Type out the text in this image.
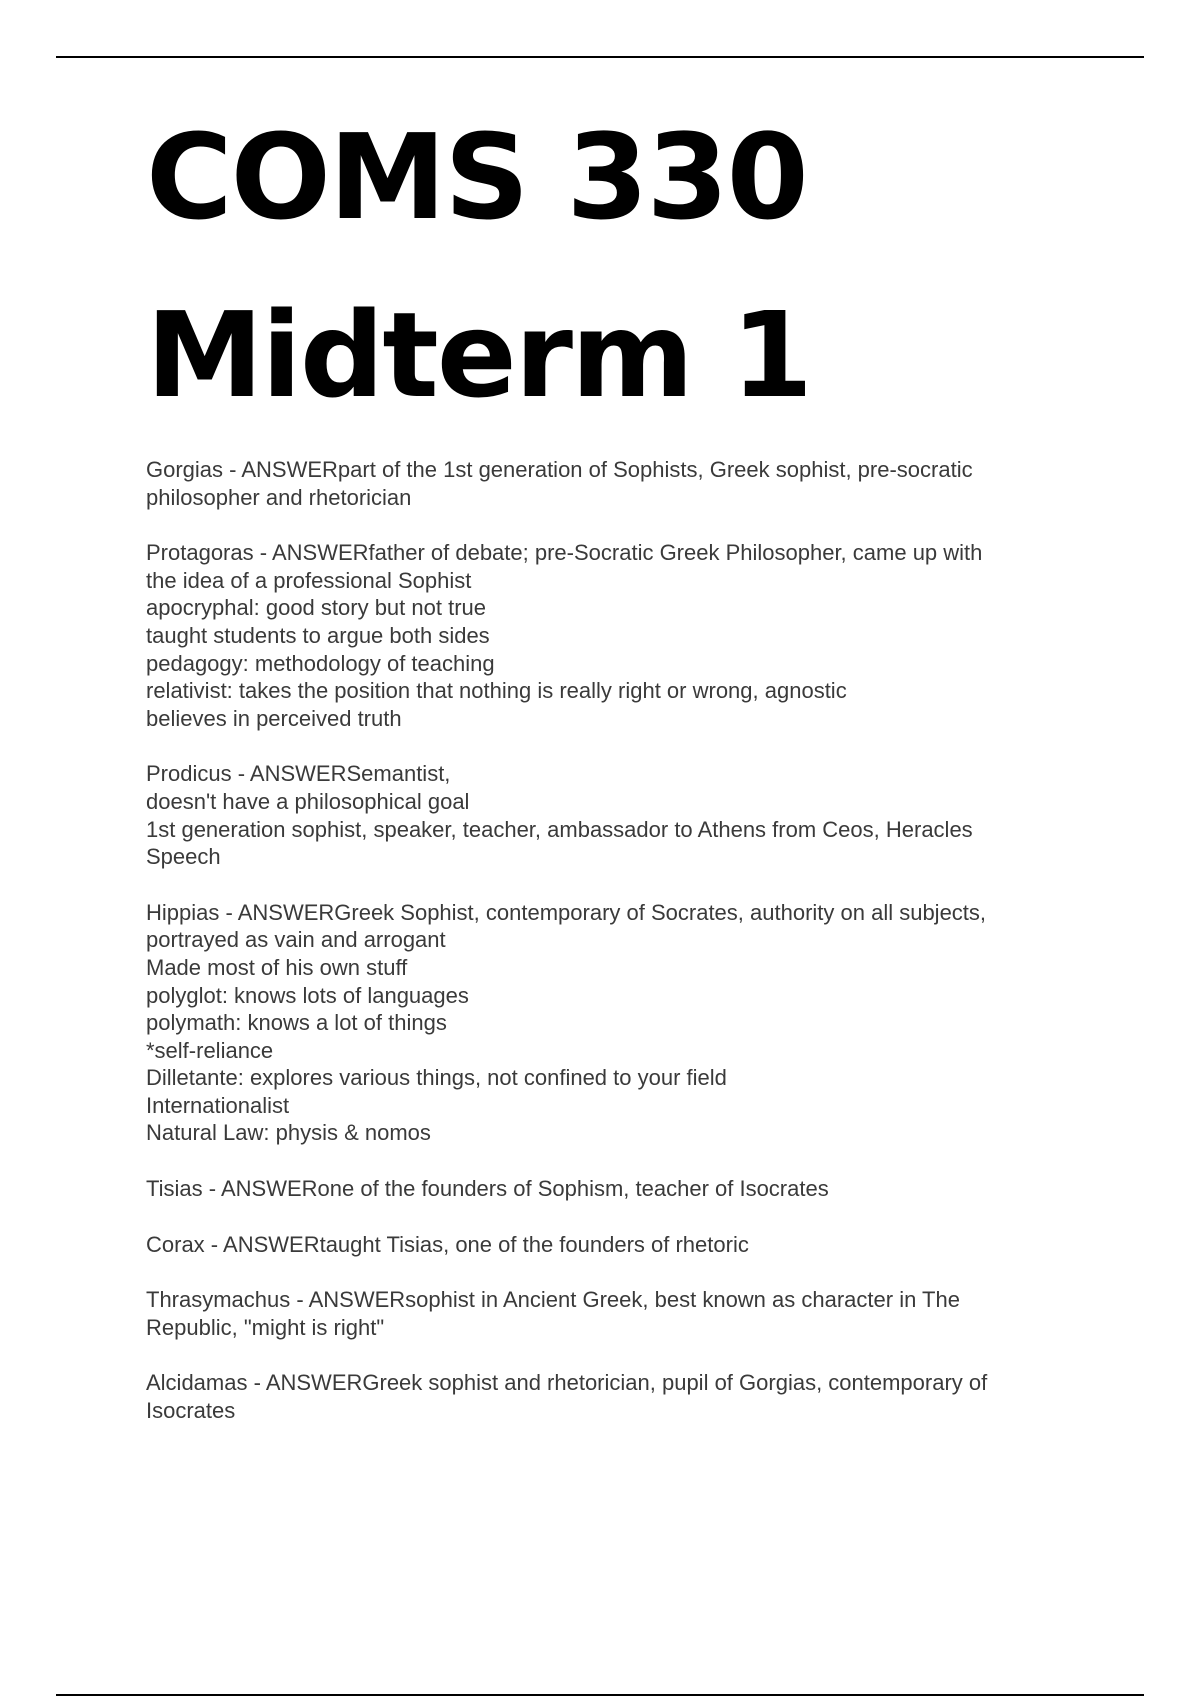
COMS 330
Midterm 1

Gorgias - ANSWERpart of the 1st generation of Sophists, Greek sophist, pre-socratic
philosopher and rhetorician

Protagoras - ANSWERfather of debate; pre-Socratic Greek Philosopher, came up with
the idea of a professional Sophist
apocryphal: good story but not true
taught students to argue both sides
pedagogy: methodology of teaching
relativist: takes the position that nothing is really right or wrong, agnostic
believes in perceived truth

Prodicus - ANSWERSemantist,
doesn't have a philosophical goal
1st generation sophist, speaker, teacher, ambassador to Athens from Ceos, Heracles
Speech

Hippias - ANSWERGreek Sophist, contemporary of Socrates, authority on all subjects,
portrayed as vain and arrogant
Made most of his own stuff
polyglot: knows lots of languages
polymath: knows a lot of things
*self-reliance
Dilletante: explores various things, not confined to your field
Internationalist
Natural Law: physis & nomos

Tisias - ANSWERone of the founders of Sophism, teacher of Isocrates

Corax - ANSWERtaught Tisias, one of the founders of rhetoric

Thrasymachus - ANSWERsophist in Ancient Greek, best known as character in The
Republic, "might is right"

Alcidamas - ANSWERGreek sophist and rhetorician, pupil of Gorgias, contemporary of
Isocrates
